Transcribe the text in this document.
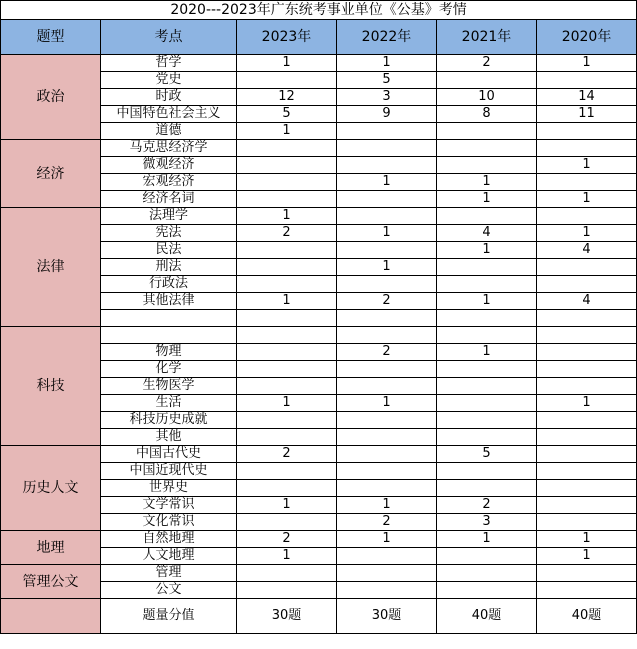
2020---2023年广东统考事业单位《公基》考情					
题型	考点	2023年	2022年	2021年	2020年
政治	哲学	1	1	2	1
	党史		5		
	时政	12	3	10	14
	中国特色社会主义	5	9	8	11
	道德	1			
经济	马克思经济学				
	微观经济				1
	宏观经济		1	1	
	经济名词			1	1
法律	法理学	1			
	宪法	2	1	4	1
	民法			1	4
	刑法		1		
	行政法				
	其他法律	1	2	1	4

科技					
	物理		2	1	
	化学				
	生物医学				
	生活	1	1		1
	科技历史成就				
	其他				
历史人文	中国古代史	2		5	
	中国近现代史				
	世界史				
	文学常识	1	1	2	
	文化常识		2	3	
地理	自然地理	2	1	1	1
	人文地理	1			1
管理公文	管理				
	公文				
	题量分值	30题	30题	40题	40题
